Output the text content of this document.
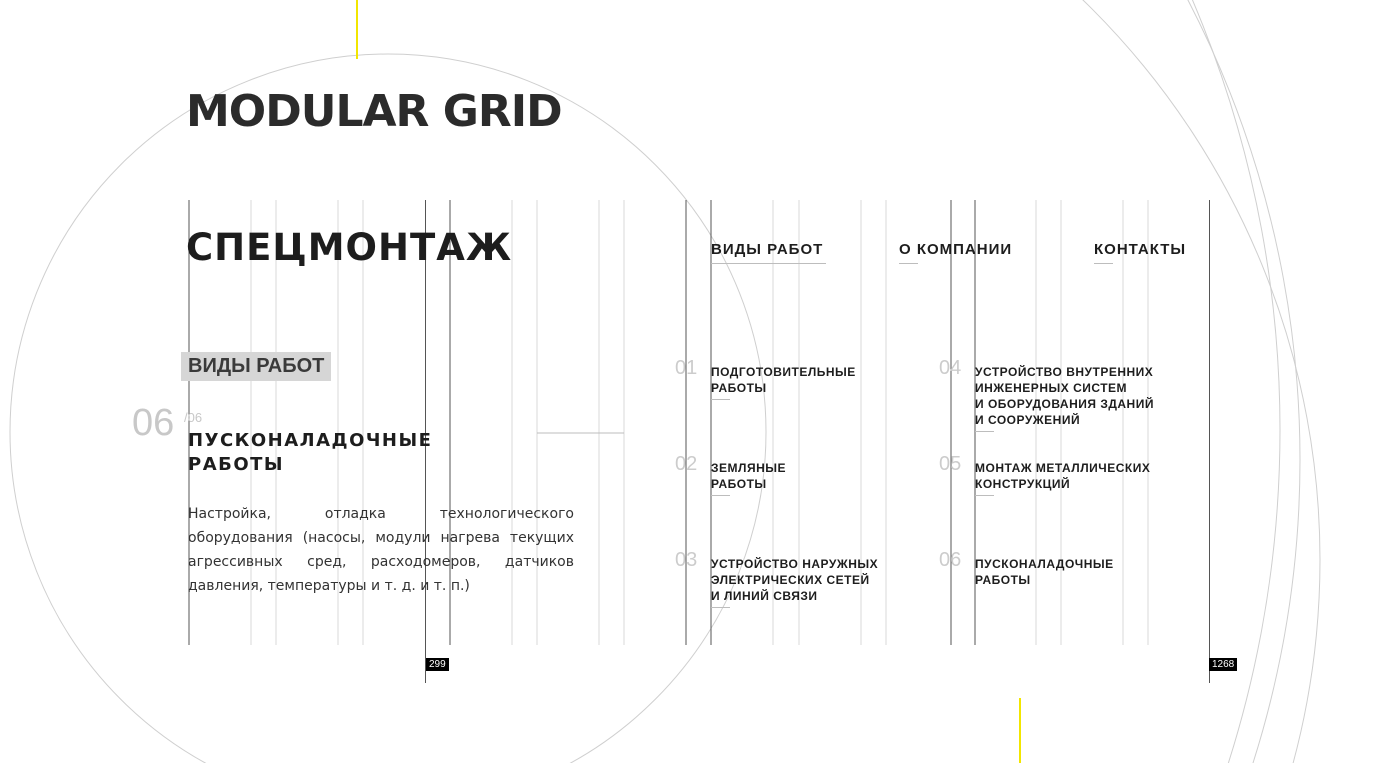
MODULAR GRID
СПЕЦМОНТАЖ	ВИДЫ РАБОТ	О КОМПАНИИ	КОНТАКТЫ
ВИДЫ РАБОТ
06 /06
ПУСКОНАЛАДОЧНЫЕ
РАБОТЫ

Настройка, отладка технологического оборудования (насосы, модули нагрева текущих агрессивных сред, расходомеров, датчиков давления, температуры и т. д. и т. п.)

01 ПОДГОТОВИТЕЛЬНЫЕ
РАБОТЫ
02 ЗЕМЛЯНЫЕ
РАБОТЫ
03 УСТРОЙСТВО НАРУЖНЫХ
ЭЛЕКТРИЧЕСКИХ СЕТЕЙ
И ЛИНИЙ СВЯЗИ
04 УСТРОЙСТВО ВНУТРЕННИХ
ИНЖЕНЕРНЫХ СИСТЕМ
И ОБОРУДОВАНИЯ ЗДАНИЙ
И СООРУЖЕНИЙ
05 МОНТАЖ МЕТАЛЛИЧЕСКИХ
КОНСТРУКЦИЙ
06 ПУСКОНАЛАДОЧНЫЕ
РАБОТЫ
299	1268
